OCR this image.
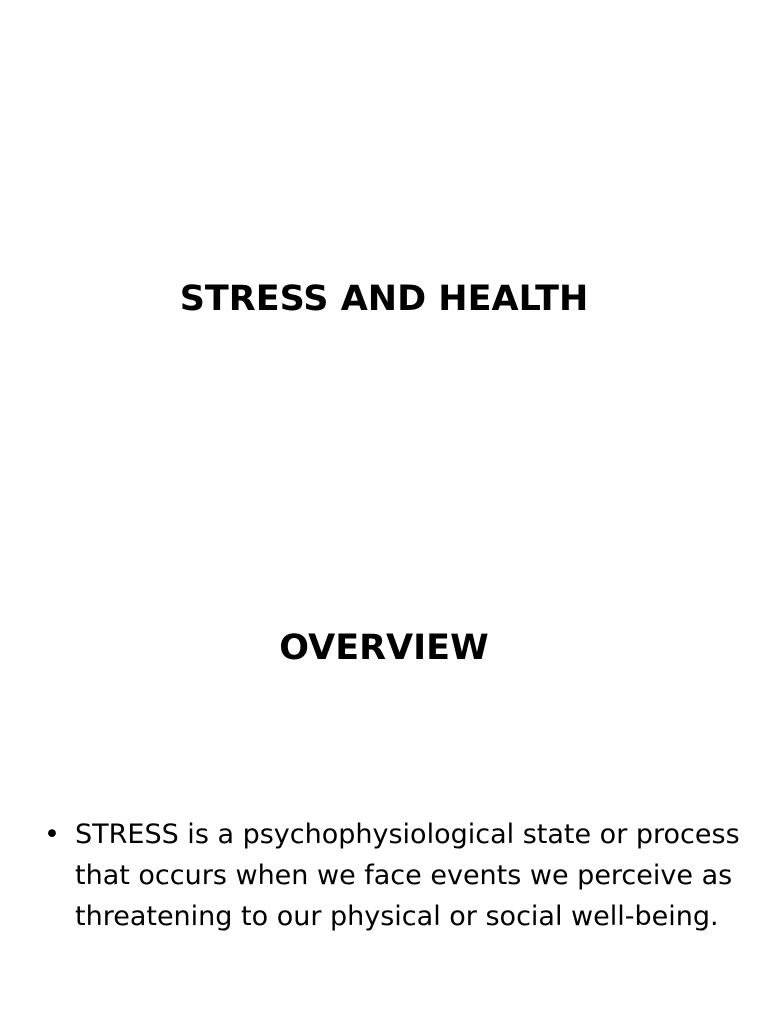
STRESS AND HEALTH
OVERVIEW
• STRESS is a psychophysiological state or process that occurs when we face events we perceive as threatening to our physical or social well-being.
